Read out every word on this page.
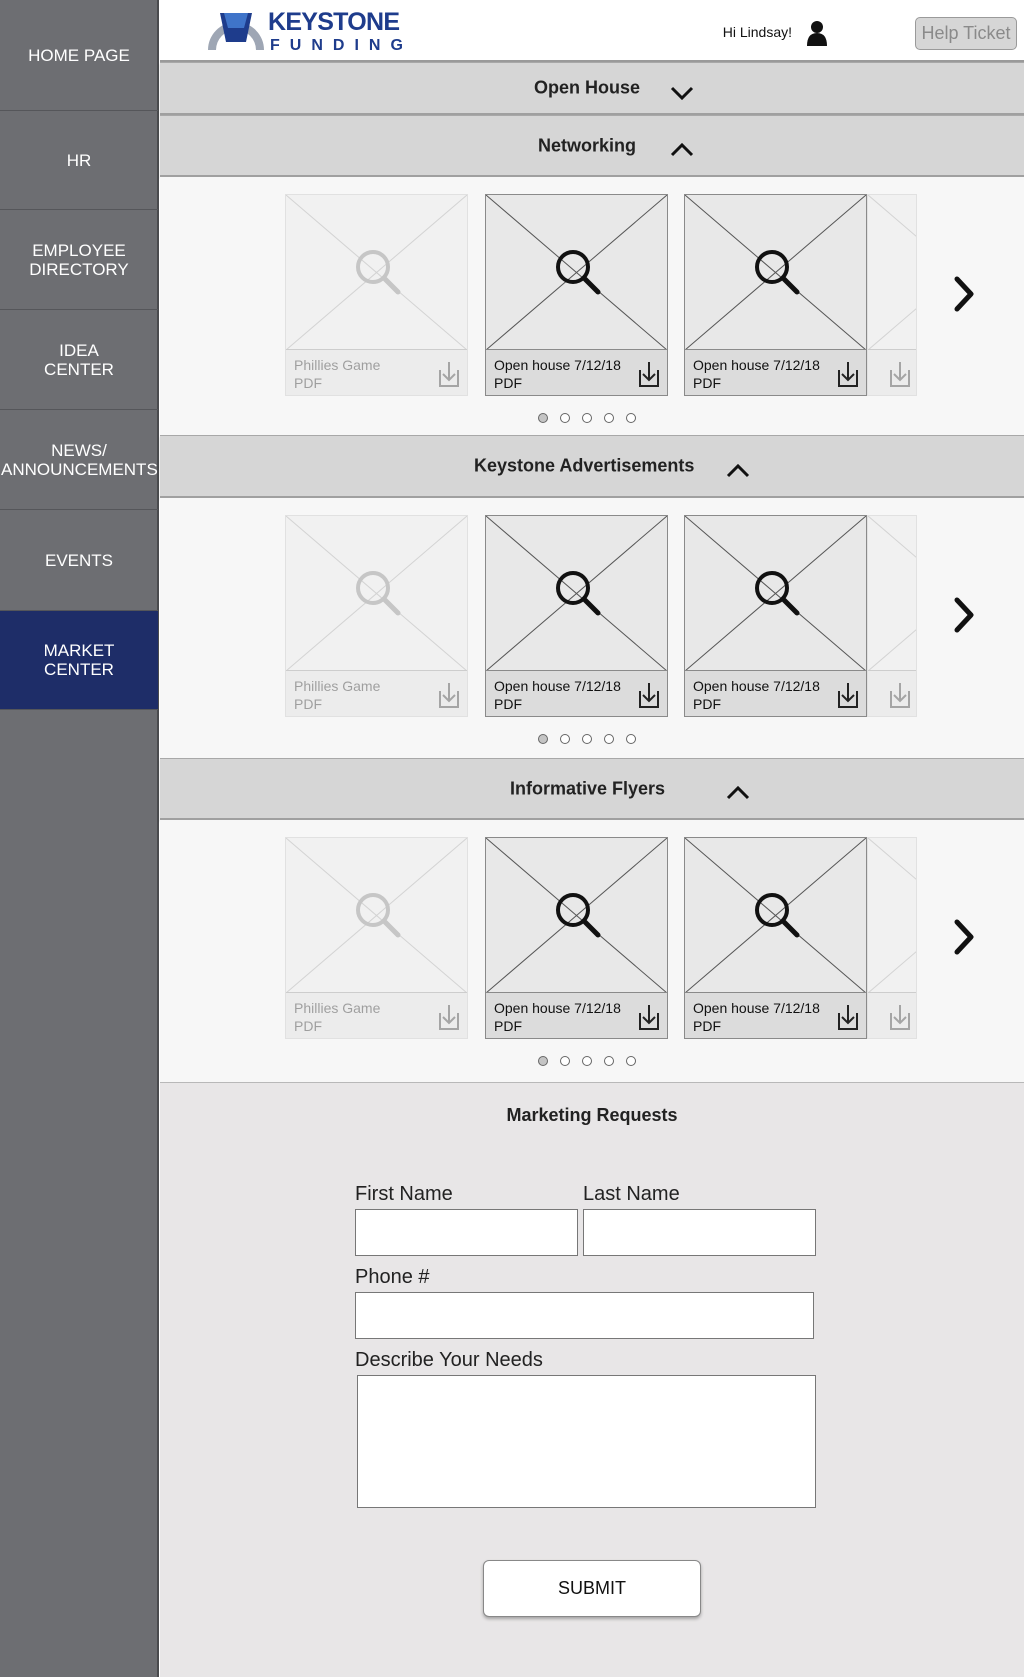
HOME PAGE
HR
EMPLOYEE DIRECTORY
IDEA CENTER
NEWS/ ANNOUNCEMENTS
EVENTS
MARKET CENTER
KEYSTONE
FUNDING
Hi Lindsay!	Help Ticket
Open House
Networking
Phillies Game
PDF
Open house 7/12/18
PDF
Open house 7/12/18
PDF
Keystone Advertisements
Phillies Game
PDF
Open house 7/12/18
PDF
Open house 7/12/18
PDF
Informative Flyers
Phillies Game
PDF
Open house 7/12/18
PDF
Open house 7/12/18
PDF
Marketing Requests
First Name	Last Name
Phone #
Describe Your Needs
SUBMIT
